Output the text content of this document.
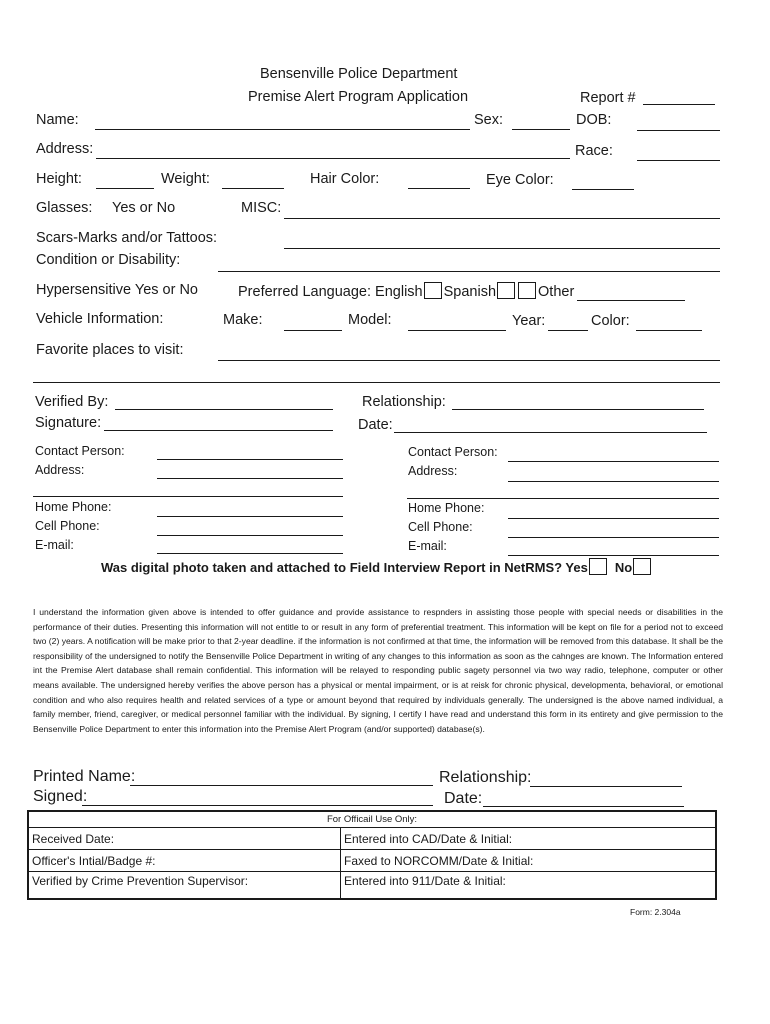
Bensenville Police Department
Premise Alert Program Application	Report #
Name:	Sex:	DOB:
Address:	Race:
Height:	Weight:	Hair Color:	Eye Color:
Glasses: Yes or No	MISC:
Scars-Marks and/or Tattoos:
Condition or Disability:
Hypersensitive Yes or No	Preferred Language: English Spanish	Other
Vehicle Information:	Make:	Model:	Year:	Color:
Favorite places to visit:
Verified By:	Relationship:
Signature:	Date:
Contact Person:
Address:
Home Phone:
Cell Phone:
E-mail:
Contact Person:
Address:
Home Phone:
Cell Phone:
E-mail:
Was digital photo taken and attached to Field Interview Report in NetRMS? Yes No

I understand the information given above is intended to offer guidance and provide assistance to respnders in assisting those people with special needs or disabilities in the performance of their duties. Presenting this information will not entitle to or result in any form of preferential treatment. This information will be kept on file for a period not to exceed two (2) years. A notification will be make prior to that 2-year deadline. if the information is not confirmed at that time, the information will be removed from this database. It shall be the responsibility of the undersigned to notify the Bensenville Police Department in writing of any changes to this information as soon as the cahnges are known. The Information entered int the Premise Alert database shall remain confidential. This information will be relayed to responding public sagety personnel via two way radio, telephone, computer or other means available. The undersigned hereby verifies the above person has a physical or mental impairment, or is at reisk for chronic physical, developmenta, behavioral, or emotional condition and who also requires health and related services of a type or amount beyond that required by individuals generally. The undersigned is the above named individual, a family member, friend, caregiver, or medical personnel familiar with the individual. By signing, I certify I have read and understand this form in its entirety and give permission to the Bensenville Police Department to enter this information into the Premise Alert Program (and/or supported) database(s).

Printed Name:	Relationship:
Signed:	Date:
For Officail Use Only:	
Received Date:	Entered into CAD/Date & Initial:
Officer's Intial/Badge #:	Faxed to NORCOMM/Date & Initial:
Verified by Crime Prevention Supervisor:	Entered into 911/Date & Initial:
Form: 2.304a
